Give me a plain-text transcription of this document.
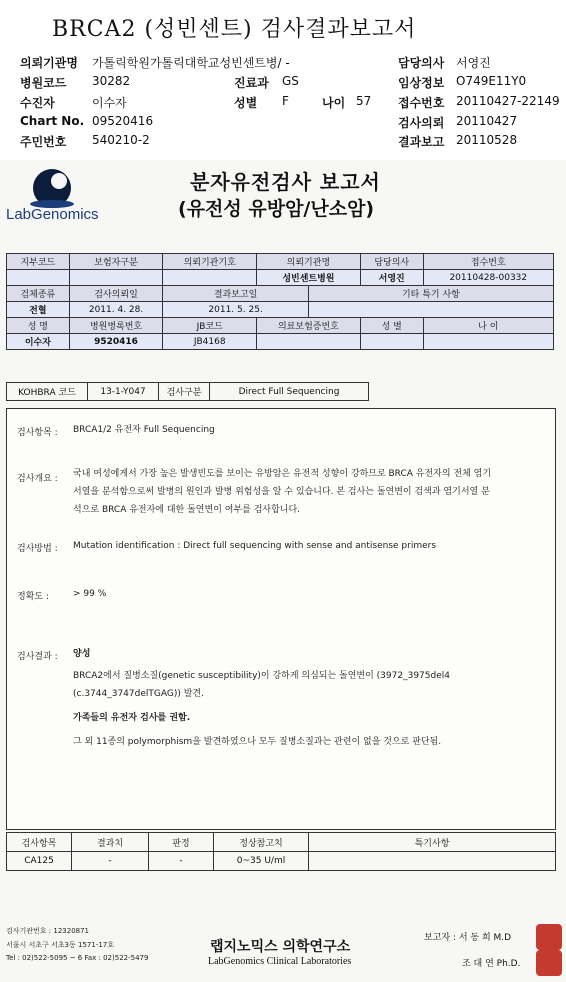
BRCA2 (성빈센트) 검사결과보고서
의뢰기관명 가톨릭학원가톨릭대학교성빈센트병/ -	담당의사 서영진
병원코드 30282	진료과 GS	임상정보 O749E11Y0
수진자	이수자	성별 F	나이 57 접수번호 20110427-22149
Chart No. 09520416	검사의뢰 20110427
주민번호 540210-2	결과보고 20110528
LabGenomics
분자유전검사 보고서
(유전성 유방암/난소암)
지부코드	보험자구분	의뢰기관기호	의뢰기관명		담당의사	접수번호
			성빈센트병원		서영진	20110428-00332
검체종류	검사의뢰일	결과보고일		기타 특기 사항		
전혈	2011. 4. 28.	2011. 5. 25.				
성 명	병원병록번호	JB코드	의료보험증번호		성 별	나 이
이수자	9520416	JB4168				
KOHBRA 코드	13-1-Y047	검사구분	Direct Full Sequencing
검사항목 : BRCA1/2 유전자 Full Sequencing
검사개요 : 국내 여성에게서 가장 높은 발생빈도를 보이는 유방암은 유전적 성향이 강하므로 BRCA 유전자의 전체 염기
서열을 분석함으로써 발병의 원인과 발병 위험성을 알 수 있습니다. 본 검사는 돌연변이 검색과 염기서열 분
석으로 BRCA 유전자에 대한 돌연변이 여부를 검사합니다.
검사방법 : Mutation identification : Direct full sequencing with sense and antisense primers
정확도 :	> 99 %
검사결과 : 양성
BRCA2에서 질병소질(genetic susceptibility)이 강하게 의심되는 돌연변이 (3972_3975del4
(c.3744_3747delTGAG)) 발견.
가족들의 유전자 검사를 권함.
그 외 11종의 polymorphism을 발견하였으나 모두 질병소질과는 관련이 없을 것으로 판단됨.
검사항목	결과치	판정	정상참고치	특기사항
CA125	-	-	0~35 U/ml	
검사기관번호 : 12320871
서울시 서초구 서초3동 1571-17호
Tel : 02)522-5095 ~ 6 Fax : 02)522-5479
랩지노믹스 의학연구소
LabGenomics Clinical Laboratories
보고자 : 서 동 희 M.D
조 대 연 Ph.D.
